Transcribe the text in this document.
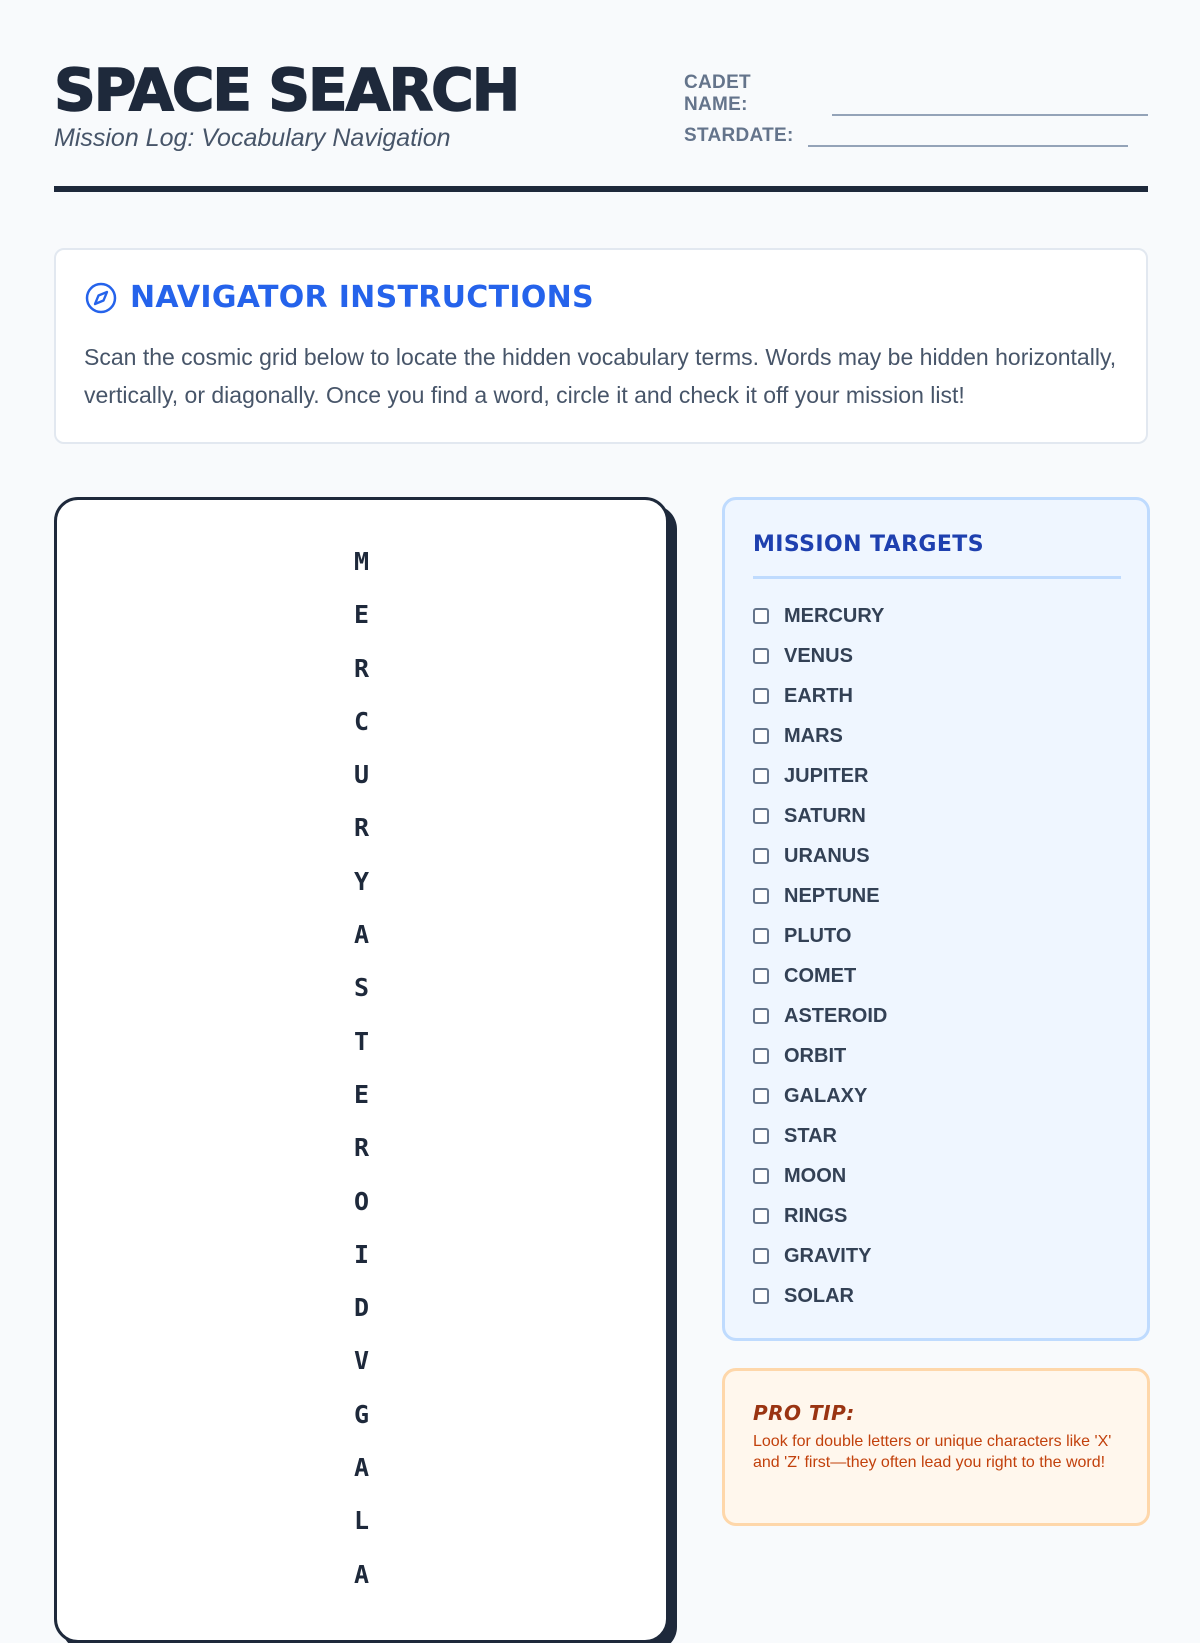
SPACE SEARCH

Mission Log: Vocabulary Navigation

CADET NAME:
STARDATE:
NAVIGATOR INSTRUCTIONS

Scan the cosmic grid below to locate the hidden vocabulary terms. Words may be hidden horizontally, vertically, or diagonally. Once you find a word, circle it and check it off your mission list!

M
E
R
C
U
R
Y
A
S
T
E
R
O
I
D
V
G
A
L
A
MISSION TARGETS
MERCURY
VENUS
EARTH
MARS
JUPITER
SATURN
URANUS
NEPTUNE
PLUTO
COMET
ASTEROID
ORBIT
GALAXY
STAR
MOON
RINGS
GRAVITY
SOLAR
PRO TIP:

Look for double letters or unique characters like 'X' and 'Z' first—they often lead you right to the word!
